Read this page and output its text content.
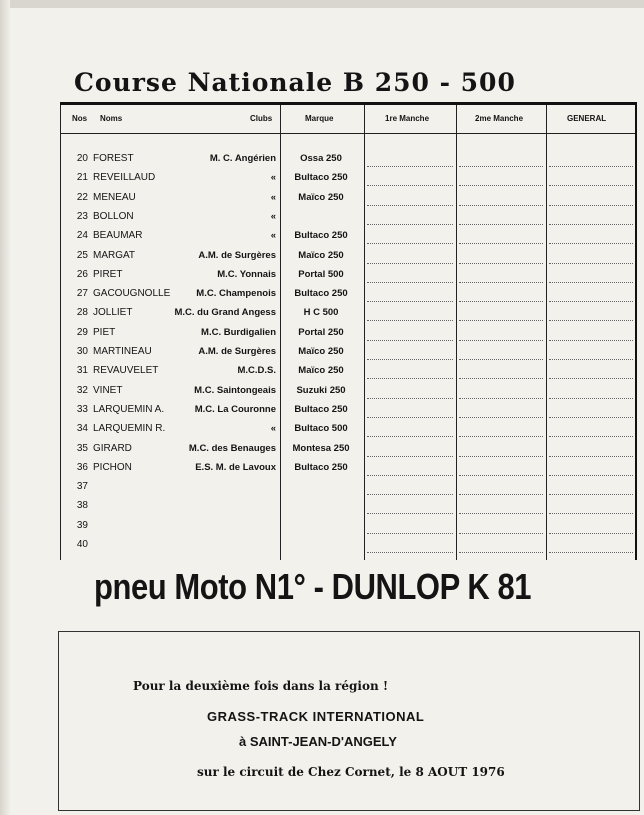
Course Nationale B 250 - 500
Nos Noms	Clubs	Marque	1re Manche	2me Manche	GENERAL
20 FOREST	M. C. Angérien	Ossa 250
21 REVEILLAUD	«	Bultaco 250
22 MENEAU	«	Maïco 250
23 BOLLON	«
24 BEAUMAR	«	Bultaco 250
25 MARGAT	A.M. de Surgères	Maïco 250
26 PIRET	M.C. Yonnais	Portal 500
27 GACOUGNOLLE	M.C. Champenois	Bultaco 250
28 JOLLIET	M.C. du Grand Angess	H C 500
29 PIET	M.C. Burdigalien	Portal 250
30 MARTINEAU	A.M. de Surgères	Maïco 250
31 REVAUVELET	M.C.D.S.	Maïco 250
32 VINET	M.C. Saintongeais	Suzuki 250
33 LARQUEMIN A.	M.C. La Couronne	Bultaco 250
34 LARQUEMIN R.	«	Bultaco 500
35 GIRARD	M.C. des Benauges	Montesa 250
36 PICHON	E.S. M. de Lavoux	Bultaco 250
37
38
39
40
pneu Moto N1° - DUNLOP K 81
Pour la deuxième fois dans la région !
GRASS-TRACK INTERNATIONAL
à SAINT-JEAN-D'ANGELY
sur le circuit de Chez Cornet, le 8 AOUT 1976
